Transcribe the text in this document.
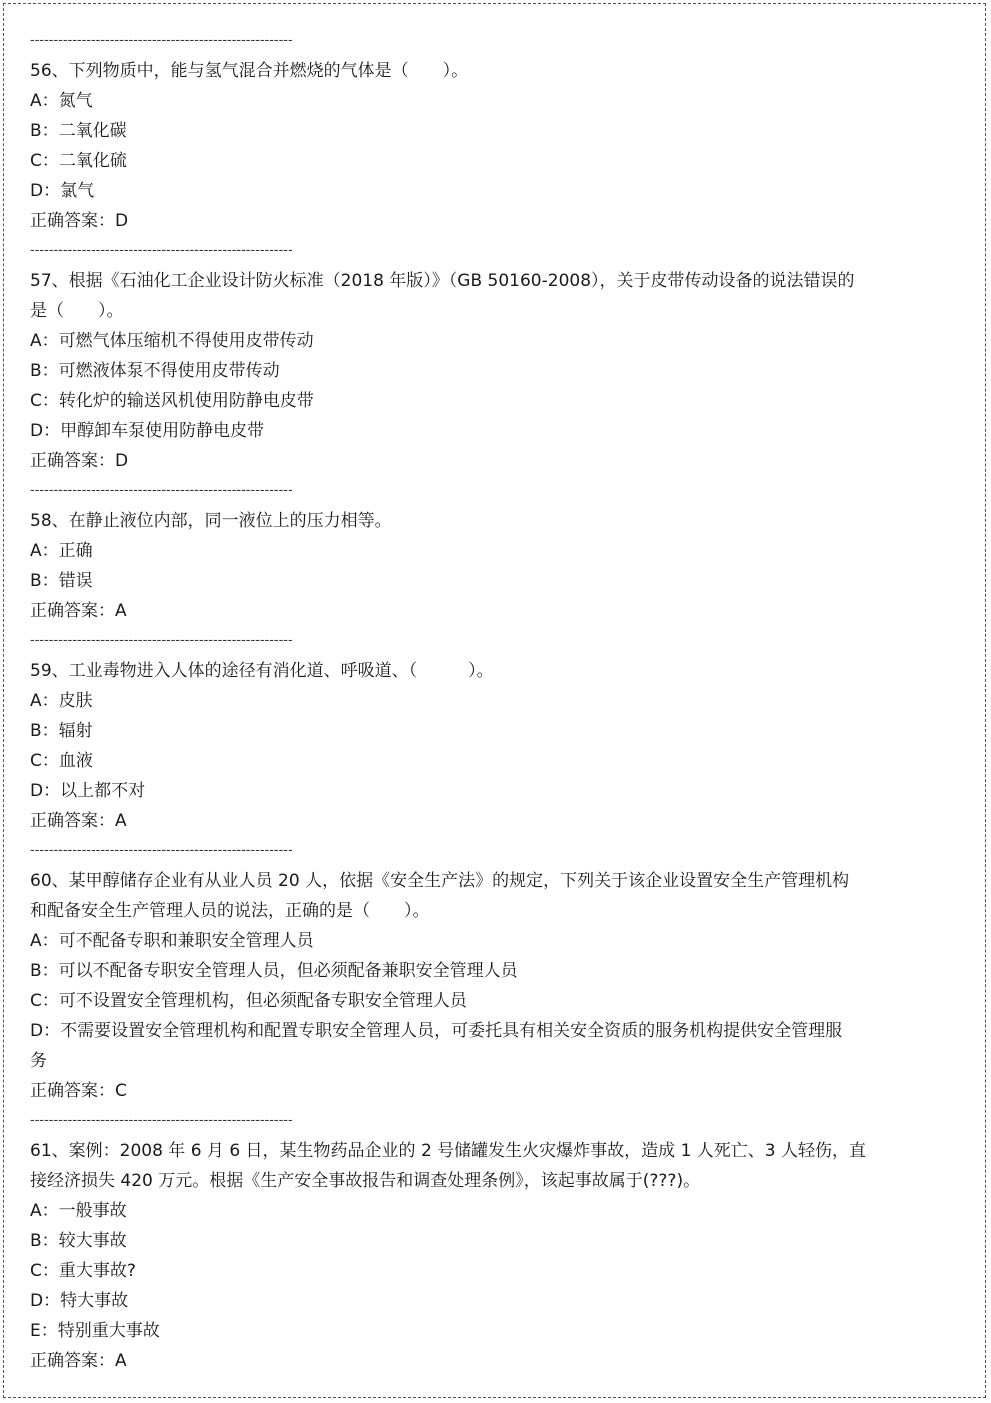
--------------------------------------------------------
56、下列物质中，能与氢气混合并燃烧的气体是（　　）。
A：氮气
B：二氧化碳
C：二氧化硫
D：氯气
正确答案：D
--------------------------------------------------------
57、根据《石油化工企业设计防火标准（2018 年版）》（GB 50160-2008），关于皮带传动设备的说法错误的
是（　　）。
A：可燃气体压缩机不得使用皮带传动
B：可燃液体泵不得使用皮带传动
C：转化炉的输送风机使用防静电皮带
D：甲醇卸车泵使用防静电皮带
正确答案：D
--------------------------------------------------------
58、在静止液位内部，同一液位上的压力相等。
A：正确
B：错误
正确答案：A
--------------------------------------------------------
59、工业毒物进入人体的途径有消化道、呼吸道、（　　　）。
A：皮肤
B：辐射
C：血液
D：以上都不对
正确答案：A
--------------------------------------------------------
60、某甲醇储存企业有从业人员 20 人，依据《安全生产法》的规定，下列关于该企业设置安全生产管理机构
和配备安全生产管理人员的说法，正确的是（　　）。
A：可不配备专职和兼职安全管理人员
B：可以不配备专职安全管理人员，但必须配备兼职安全管理人员
C：可不设置安全管理机构，但必须配备专职安全管理人员
D：不需要设置安全管理机构和配置专职安全管理人员，可委托具有相关安全资质的服务机构提供安全管理服
务
正确答案：C
--------------------------------------------------------
61、案例：2008 年 6 月 6 日，某生物药品企业的 2 号储罐发生火灾爆炸事故，造成 1 人死亡、3 人轻伤，直
接经济损失 420 万元。根据《生产安全事故报告和调查处理条例》，该起事故属于(???)。
A：一般事故
B：较大事故
C：重大事故?
D：特大事故
E：特别重大事故
正确答案：A
